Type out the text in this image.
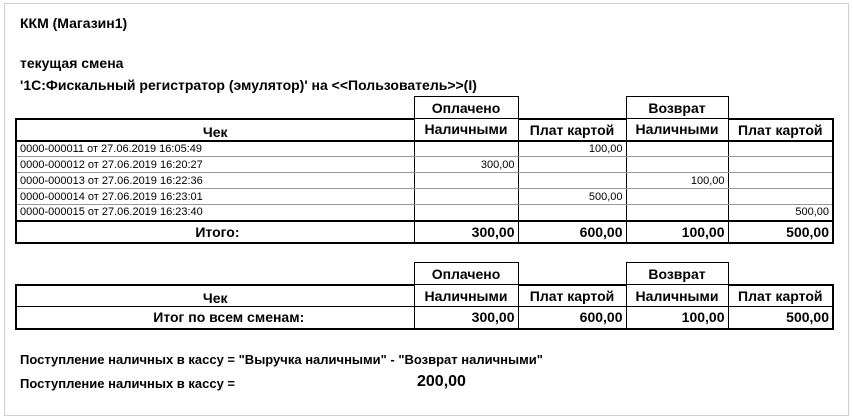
ККМ (Магазин1)
текущая смена
'1С:Фискальный регистратор (эмулятор)' на <<Пользователь>>(I)
	Оплачено		Возврат	
Чек	Наличными	Плат картой	Наличными	Плат картой
0000-000011 от 27.06.2019 16:05:49		100,00		
0000-000012 от 27.06.2019 16:20:27	300,00			
0000-000013 от 27.06.2019 16:22:36			100,00	
0000-000014 от 27.06.2019 16:23:01		500,00		
0000-000015 от 27.06.2019 16:23:40				500,00
Итого:	300,00	600,00	100,00	500,00
	Оплачено		Возврат	
Чек	Наличными	Плат картой	Наличными	Плат картой
Итог по всем сменам:	300,00	600,00	100,00	500,00
Поступление наличных в кассу = "Выручка наличными" - "Возврат наличными"
Поступление наличных в кассу =	200,00
